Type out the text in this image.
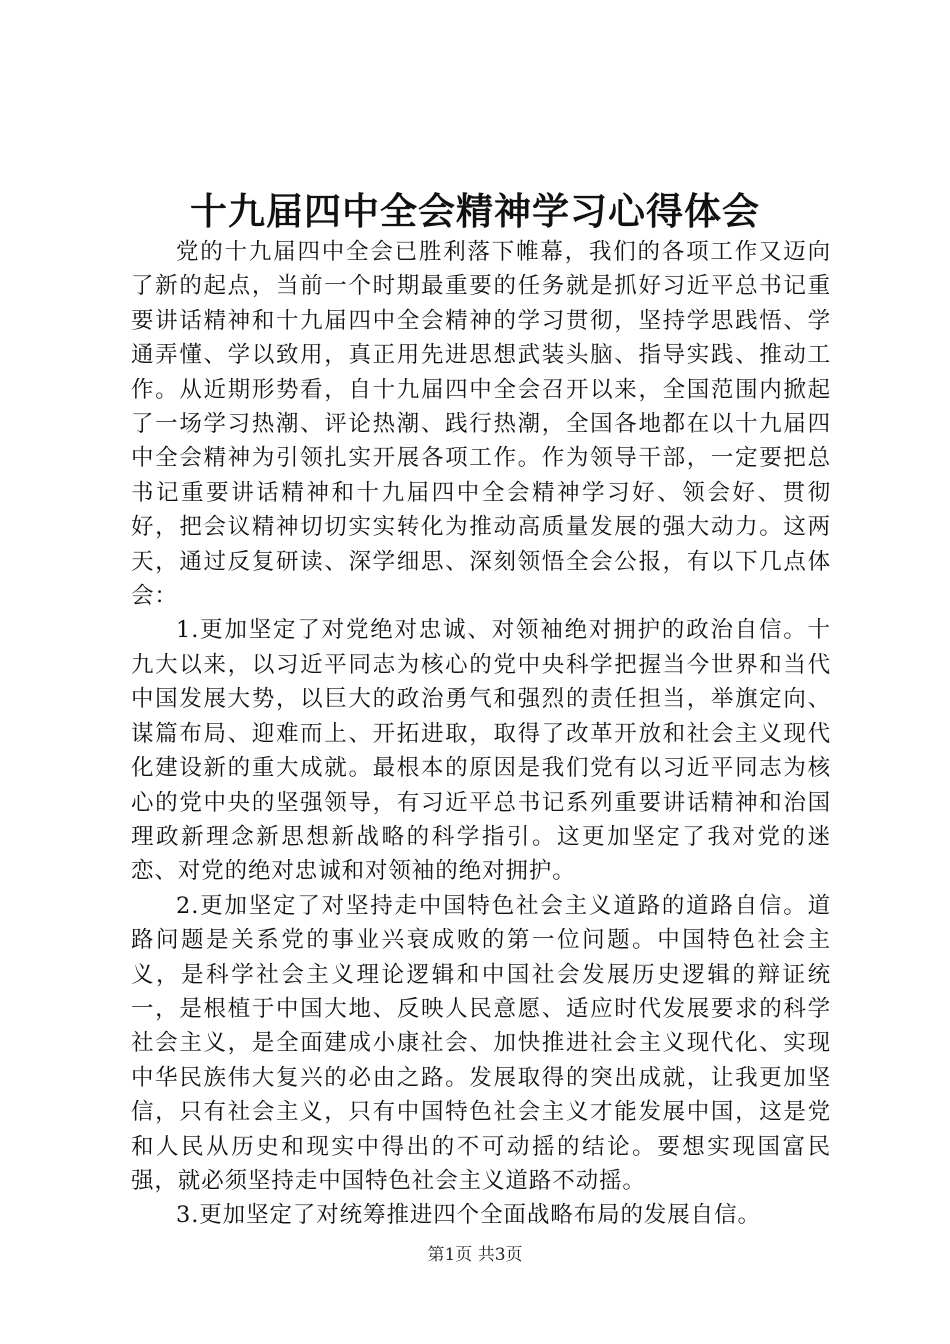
十九届四中全会精神学习心得体会

党的十九届四中全会已胜利落下帷幕，我们的各项工作又迈向了新的起点，当前一个时期最重要的任务就是抓好习近平总书记重要讲话精神和十九届四中全会精神的学习贯彻，坚持学思践悟、学通弄懂、学以致用，真正用先进思想武装头脑、指导实践、推动工作。从近期形势看，自十九届四中全会召开以来，全国范围内掀起了一场学习热潮、评论热潮、践行热潮，全国各地都在以十九届四中全会精神为引领扎实开展各项工作。作为领导干部，一定要把总书记重要讲话精神和十九届四中全会精神学习好、领会好、贯彻好，把会议精神切切实实转化为推动高质量发展的强大动力。这两天，通过反复研读、深学细思、深刻领悟全会公报，有以下几点体会：

1.更加坚定了对党绝对忠诚、对领袖绝对拥护的政治自信。十九大以来，以习近平同志为核心的党中央科学把握当今世界和当代中国发展大势，以巨大的政治勇气和强烈的责任担当，举旗定向、谋篇布局、迎难而上、开拓进取，取得了改革开放和社会主义现代化建设新的重大成就。最根本的原因是我们党有以习近平同志为核心的党中央的坚强领导，有习近平总书记系列重要讲话精神和治国理政新理念新思想新战略的科学指引。这更加坚定了我对党的迷恋、对党的绝对忠诚和对领袖的绝对拥护。

2.更加坚定了对坚持走中国特色社会主义道路的道路自信。道路问题是关系党的事业兴衰成败的第一位问题。中国特色社会主义，是科学社会主义理论逻辑和中国社会发展历史逻辑的辩证统一，是根植于中国大地、反映人民意愿、适应时代发展要求的科学社会主义，是全面建成小康社会、加快推进社会主义现代化、实现中华民族伟大复兴的必由之路。发展取得的突出成就，让我更加坚信，只有社会主义，只有中国特色社会主义才能发展中国，这是党和人民从历史和现实中得出的不可动摇的结论。要想实现国富民强，就必须坚持走中国特色社会主义道路不动摇。

3.更加坚定了对统筹推进四个全面战略布局的发展自信。

第1页 共3页
